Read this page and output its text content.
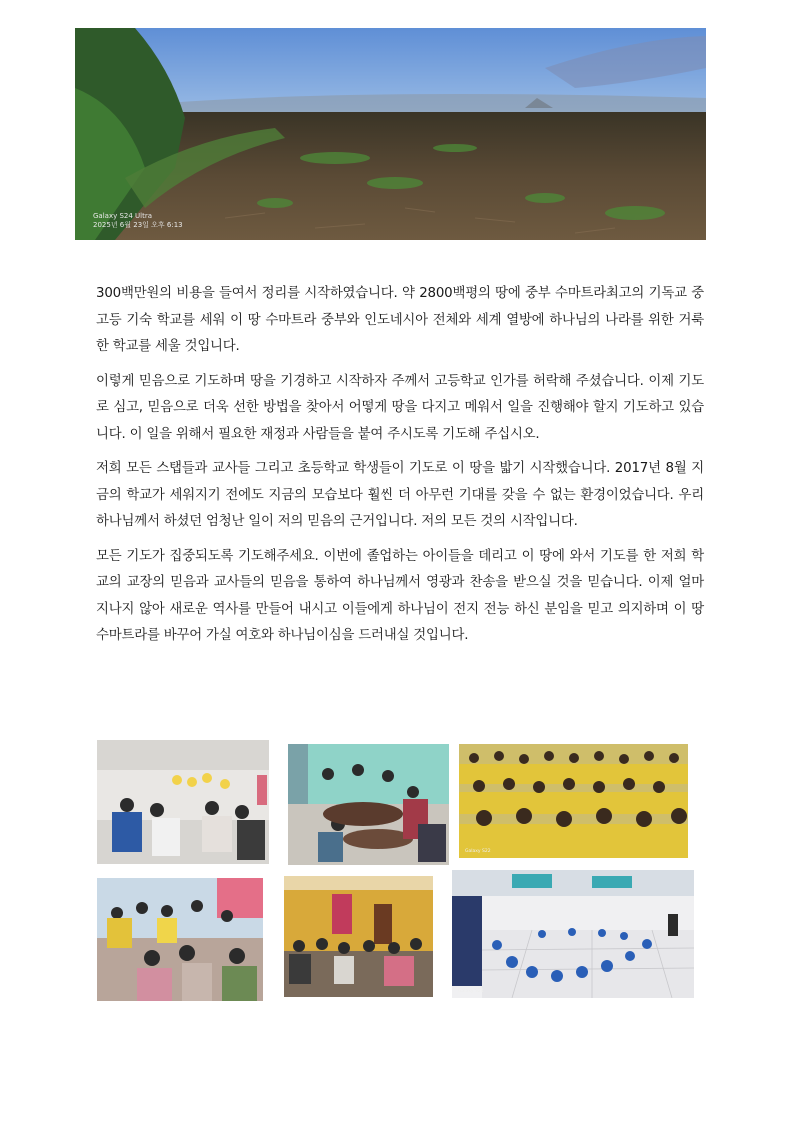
Galaxy S24 Ultra
2025년 6월 23일 오후 6:13

300백만원의 비용을 들여서 정리를 시작하였습니다. 약 2800백평의 땅에 중부 수마트라최고의 기독교 중고등 기숙 학교를 세워 이 땅 수마트라 중부와 인도네시아 전체와 세계 열방에 하나님의 나라를 위한 거룩한 학교를 세울 것입니다.

이렇게 믿음으로 기도하며 땅을 기경하고 시작하자 주께서 고등학교 인가를 허락해 주셨습니다. 이제 기도로 심고, 믿음으로 더욱 선한 방법을 찾아서 어떻게 땅을 다지고 메워서 일을 진행해야 할지 기도하고 있습니다. 이 일을 위해서 필요한 재정과 사람들을 붙여 주시도록 기도해 주십시오.

저희 모든 스탭들과 교사들 그리고 초등학교 학생들이 기도로 이 땅을 밟기 시작했습니다. 2017년 8월 지금의 학교가 세워지기 전에도 지금의 모습보다 훨씬 더 아무런 기대를 갖을 수 없는 환경이었습니다. 우리 하나님께서 하셨던 엄청난 일이 저의 믿음의 근거입니다. 저의 모든 것의 시작입니다.

모든 기도가 집중되도록 기도해주세요. 이번에 졸업하는 아이들을 데리고 이 땅에 와서 기도를 한 저희 학교의 교장의 믿음과 교사들의 믿음을 통하여 하나님께서 영광과 찬송을 받으실 것을 믿습니다. 이제 얼마 지나지 않아 새로운 역사를 만들어 내시고 이들에게 하나님이 전지 전능 하신 분임을 믿고 의지하며 이 땅 수마트라를 바꾸어 가실 여호와 하나님이심을 드러내실 것입니다.

Galaxy S22
Galaxy S24
